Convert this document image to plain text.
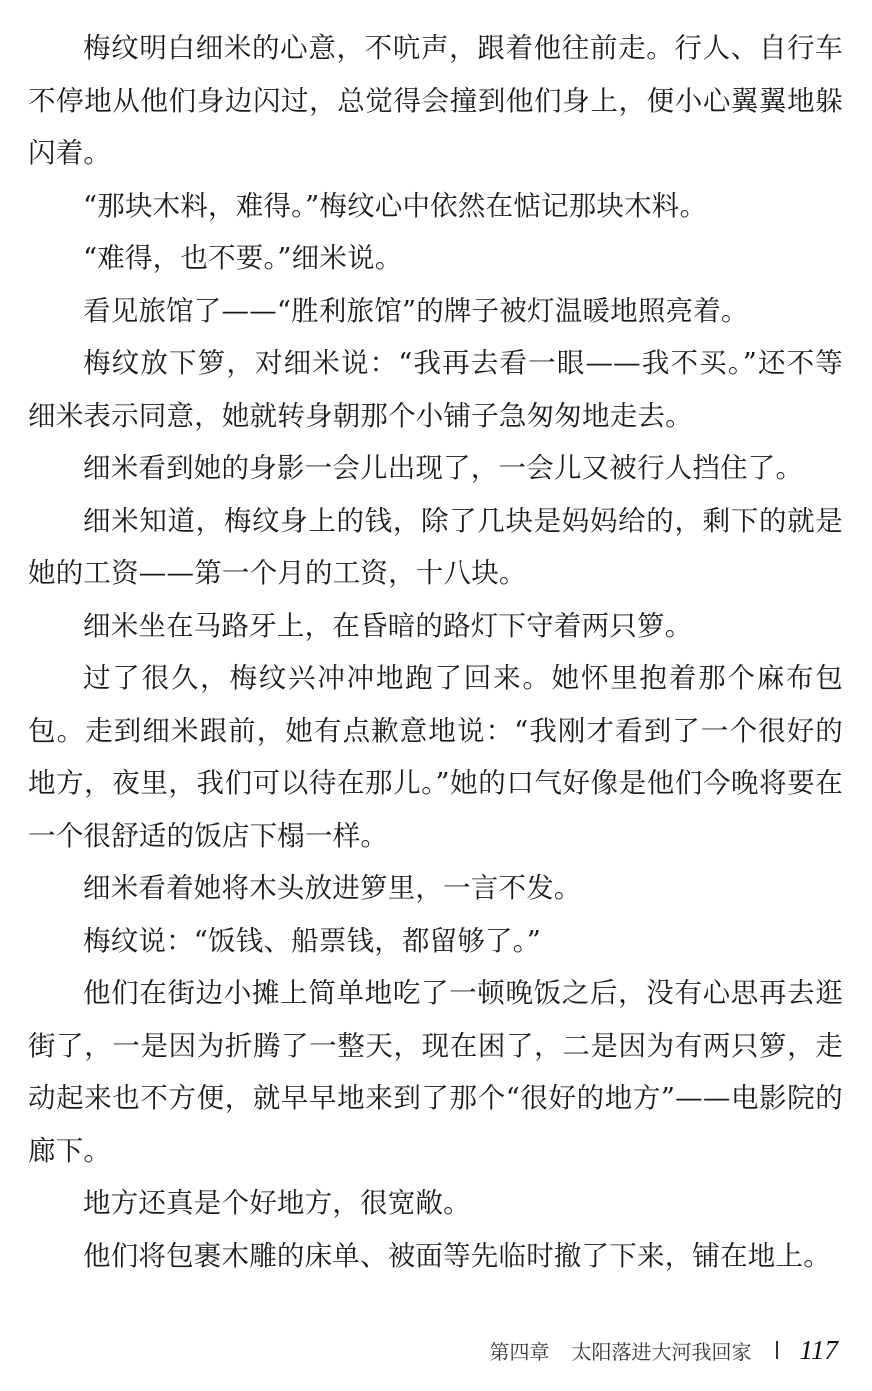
梅纹明白细米的心意，不吭声，跟着他往前走。行人、自行车不停地从他们身边闪过，总觉得会撞到他们身上，便小心翼翼地躲闪着。

“那块木料，难得。”梅纹心中依然在惦记那块木料。

“难得，也不要。”细米说。

看见旅馆了——“胜利旅馆”的牌子被灯温暖地照亮着。

梅纹放下箩，对细米说：“我再去看一眼——我不买。”还不等细米表示同意，她就转身朝那个小铺子急匆匆地走去。

细米看到她的身影一会儿出现了，一会儿又被行人挡住了。

细米知道，梅纹身上的钱，除了几块是妈妈给的，剩下的就是她的工资——第一个月的工资，十八块。

细米坐在马路牙上，在昏暗的路灯下守着两只箩。

过了很久，梅纹兴冲冲地跑了回来。她怀里抱着那个麻布包包。走到细米跟前，她有点歉意地说：“我刚才看到了一个很好的地方，夜里，我们可以待在那儿。”她的口气好像是他们今晚将要在一个很舒适的饭店下榻一样。

细米看着她将木头放进箩里，一言不发。

梅纹说：“饭钱、船票钱，都留够了。”

他们在街边小摊上简单地吃了一顿晚饭之后，没有心思再去逛街了，一是因为折腾了一整天，现在困了，二是因为有两只箩，走动起来也不方便，就早早地来到了那个“很好的地方”——电影院的廊下。

地方还真是个好地方，很宽敞。

他们将包裹木雕的床单、被面等先临时撤了下来，铺在地上。

第四章 太阳落进大河我回家 117
